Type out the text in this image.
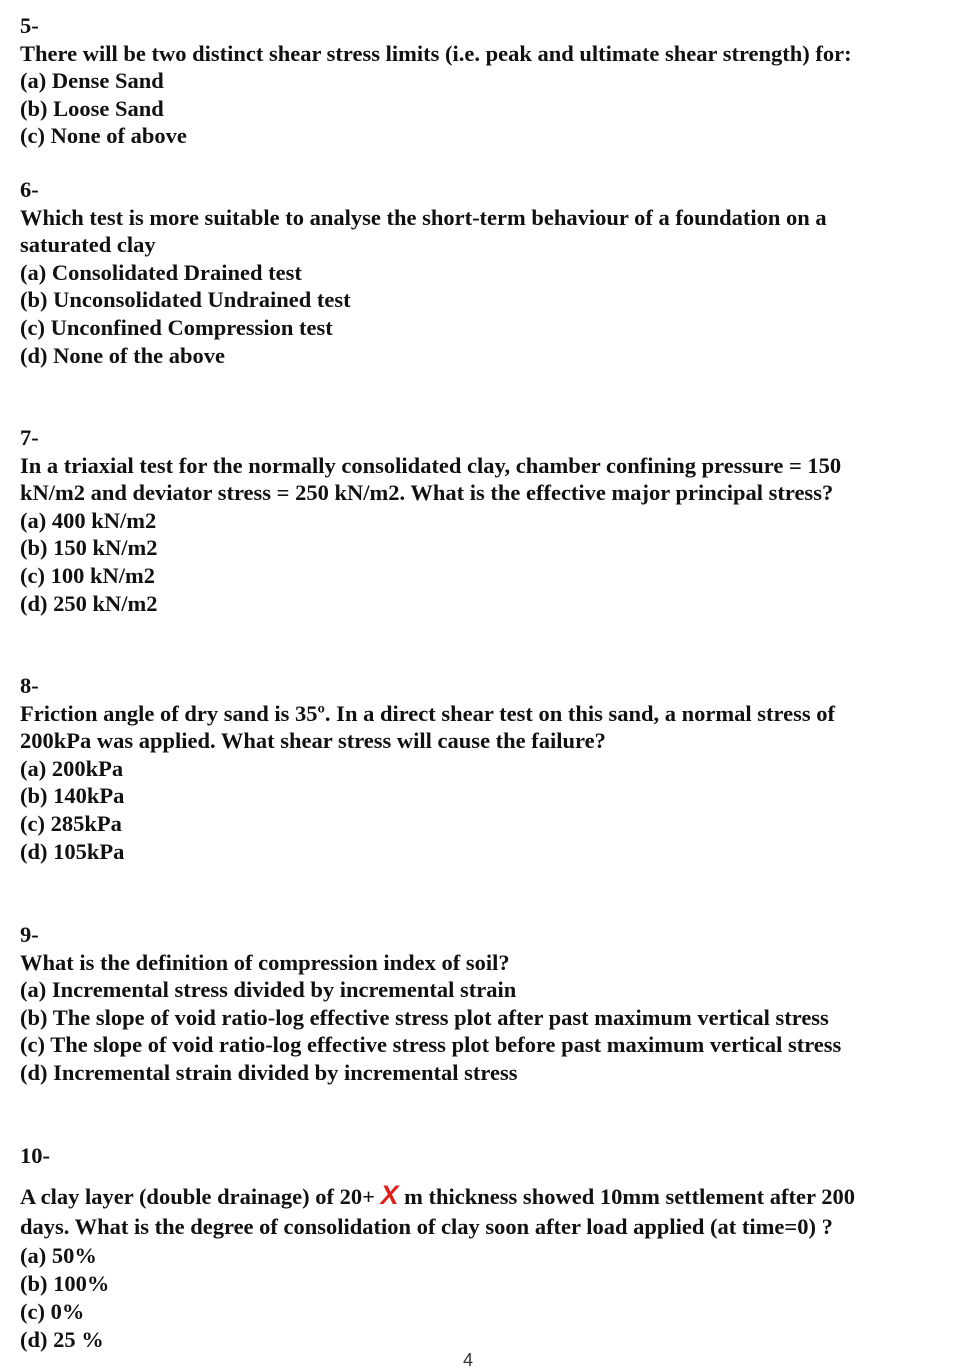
5-
There will be two distinct shear stress limits (i.e. peak and ultimate shear strength) for:
(a) Dense Sand
(b) Loose Sand
(c) None of above
6-
Which test is more suitable to analyse the short-term behaviour of a foundation on a
saturated clay
(a) Consolidated Drained test
(b) Unconsolidated Undrained test
(c) Unconfined Compression test
(d) None of the above
7-
In a triaxial test for the normally consolidated clay, chamber confining pressure = 150
kN/m2 and deviator stress = 250 kN/m2. What is the effective major principal stress?
(a) 400 kN/m2
(b) 150 kN/m2
(c) 100 kN/m2
(d) 250 kN/m2
8-
Friction angle of dry sand is 35º. In a direct shear test on this sand, a normal stress of
200kPa was applied. What shear stress will cause the failure?
(a) 200kPa
(b) 140kPa
(c) 285kPa
(d) 105kPa
9-
What is the definition of compression index of soil?
(a) Incremental stress divided by incremental strain
(b) The slope of void ratio-log effective stress plot after past maximum vertical stress
(c) The slope of void ratio-log effective stress plot before past maximum vertical stress
(d) Incremental strain divided by incremental stress
10-
A clay layer (double drainage) of 20+ X m thickness showed 10mm settlement after 200
days. What is the degree of consolidation of clay soon after load applied (at time=0) ?
(a) 50%
(b) 100%
(c) 0%
(d) 25 %
4
